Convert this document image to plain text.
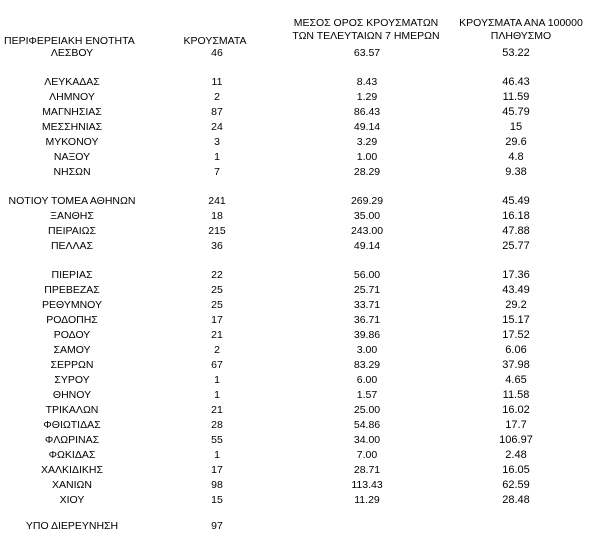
ΠΕΡΙΦΕΡΕΙΑΚΗ ΕΝΟΤΗΤΑ	ΚΡΟΥΣΜΑΤΑ
ΜΕΣΟΣ ΟΡΟΣ ΚΡΟΥΣΜΑΤΩΝ
ΤΩΝ ΤΕΛΕΥΤΑΙΩΝ 7 ΗΜΕΡΩΝ
ΚΡΟΥΣΜΑΤΑ ΑΝΑ 100000
ΠΛΗΘΥΣΜΟ
ΛΕΣΒΟΥ	46	63.57	53.22
ΛΕΥΚΑΔΑΣ	11	8.43	46.43
ΛΗΜΝΟΥ	2	1.29	11.59
ΜΑΓΝΗΣΙΑΣ	87	86.43	45.79
ΜΕΣΣΗΝΙΑΣ	24	49.14	15
ΜΥΚΟΝΟΥ	3	3.29	29.6
ΝΑΞΟΥ	1	1.00	4.8
ΝΗΣΩΝ	7	28.29	9.38
ΝΟΤΙΟΥ ΤΟΜΕΑ ΑΘΗΝΩΝ	241	269.29	45.49
ΞΑΝΘΗΣ	18	35.00	16.18
ΠΕΙΡΑΙΩΣ	215	243.00	47.88
ΠΕΛΛΑΣ	36	49.14	25.77
ΠΙΕΡΙΑΣ	22	56.00	17.36
ΠΡΕΒΕΖΑΣ	25	25.71	43.49
ΡΕΘΥΜΝΟΥ	25	33.71	29.2
ΡΟΔΟΠΗΣ	17	36.71	15.17
ΡΟΔΟΥ	21	39.86	17.52
ΣΑΜΟΥ	2	3.00	6.06
ΣΕΡΡΩΝ	67	83.29	37.98
ΣΥΡΟΥ	1	6.00	4.65
ΘΗΝΟΥ	1	1.57	11.58
ΤΡΙΚΑΛΩΝ	21	25.00	16.02
ΦΘΙΩΤΙΔΑΣ	28	54.86	17.7
ΦΛΩΡΙΝΑΣ	55	34.00	106.97
ΦΩΚΙΔΑΣ	1	7.00	2.48
ΧΑΛΚΙΔΙΚΗΣ	17	28.71	16.05
ΧΑΝΙΩΝ	98	113.43	62.59
ΧΙΟΥ	15	11.29	28.48
ΥΠΟ ΔΙΕΡΕΥΝΗΣΗ	97
